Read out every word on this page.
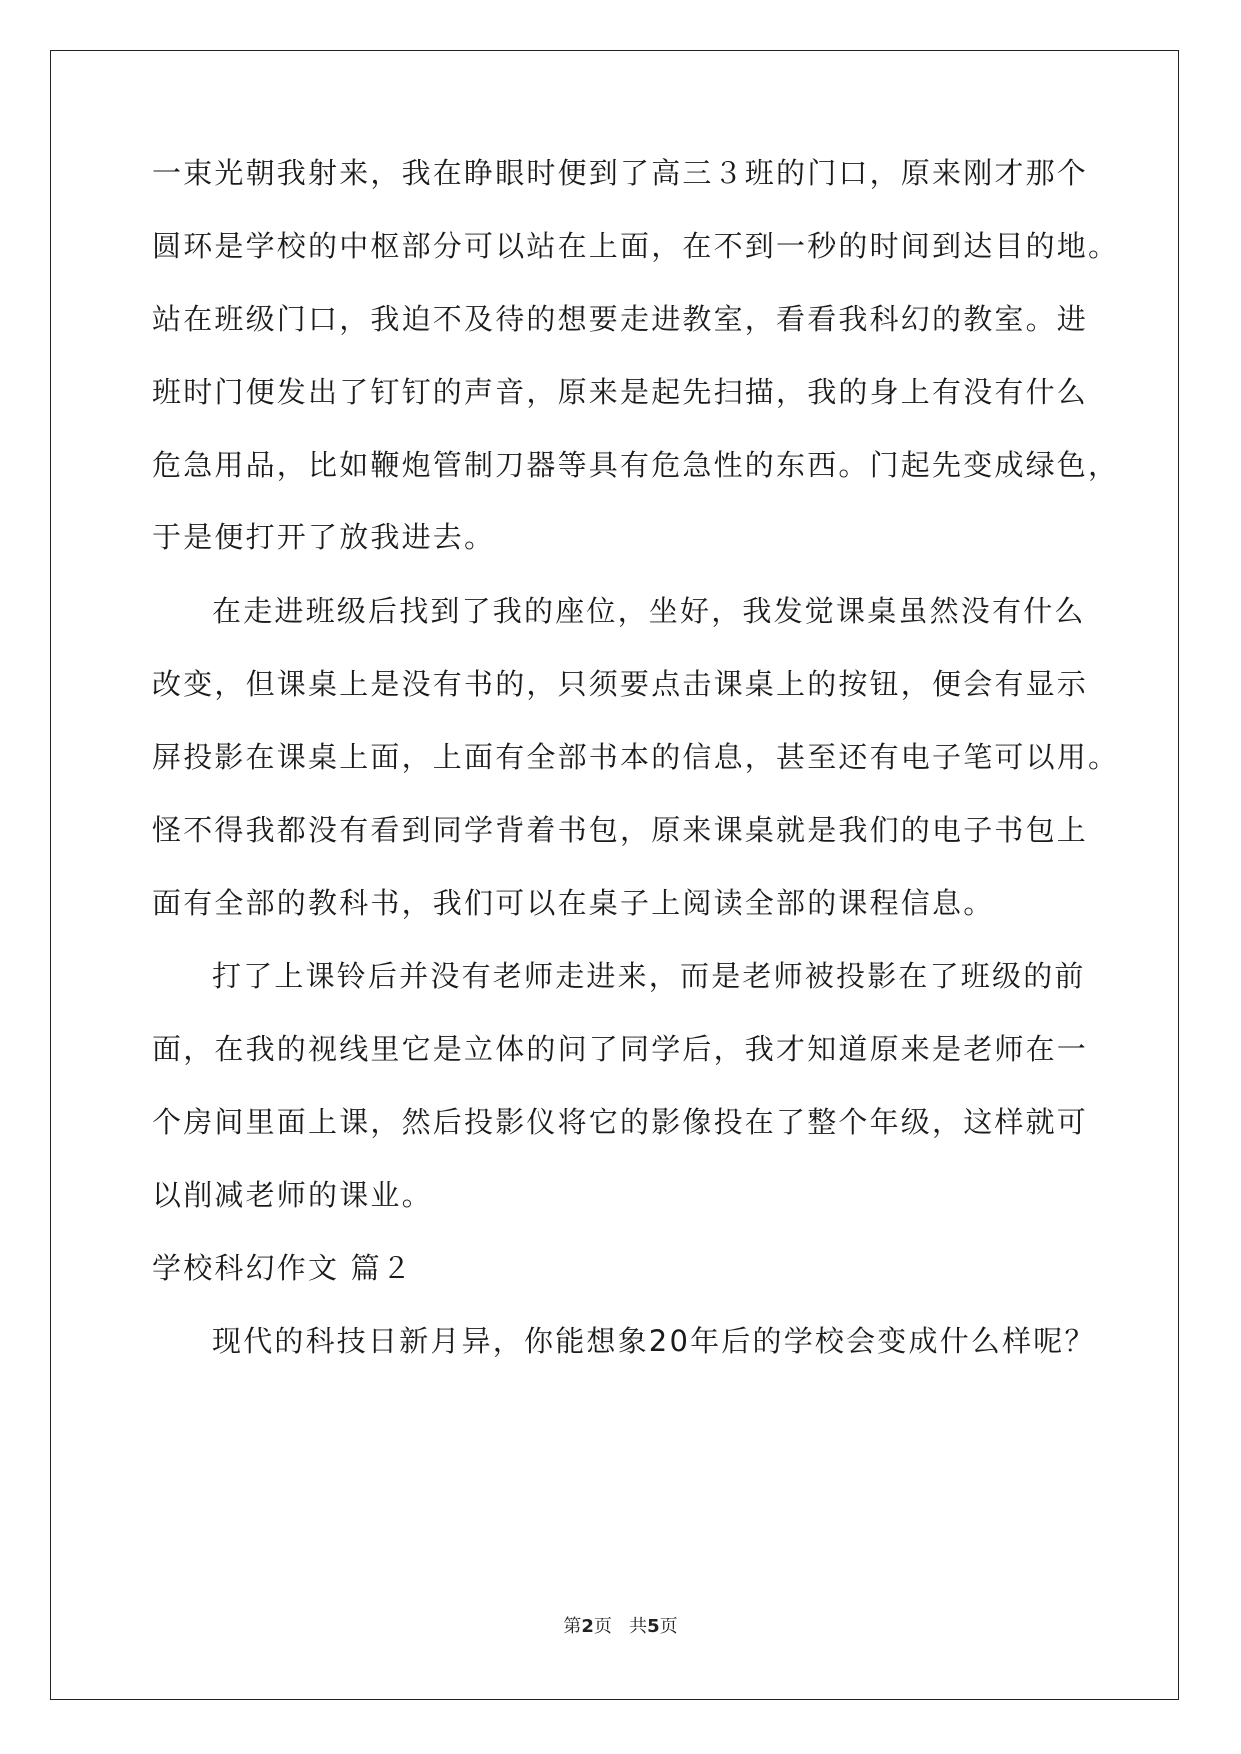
一束光朝我射来，我在睁眼时便到了高三３班的门口，原来刚才那个

圆环是学校的中枢部分可以站在上面，在不到一秒的时间到达目的地。

站在班级门口，我迫不及待的想要走进教室，看看我科幻的教室。进

班时门便发出了钉钉的声音，原来是起先扫描，我的身上有没有什么

危急用品，比如鞭炮管制刀器等具有危急性的东西。门起先变成绿色，

于是便打开了放我进去。

在走进班级后找到了我的座位，坐好，我发觉课桌虽然没有什么

改变，但课桌上是没有书的，只须要点击课桌上的按钮，便会有显示

屏投影在课桌上面，上面有全部书本的信息，甚至还有电子笔可以用。

怪不得我都没有看到同学背着书包，原来课桌就是我们的电子书包上

面有全部的教科书，我们可以在桌子上阅读全部的课程信息。

打了上课铃后并没有老师走进来，而是老师被投影在了班级的前

面，在我的视线里它是立体的问了同学后，我才知道原来是老师在一

个房间里面上课，然后投影仪将它的影像投在了整个年级，这样就可

以削减老师的课业。

学校科幻作文 篇２

现代的科技日新月异，你能想象20年后的学校会变成什么样呢？

第2页 共5页
